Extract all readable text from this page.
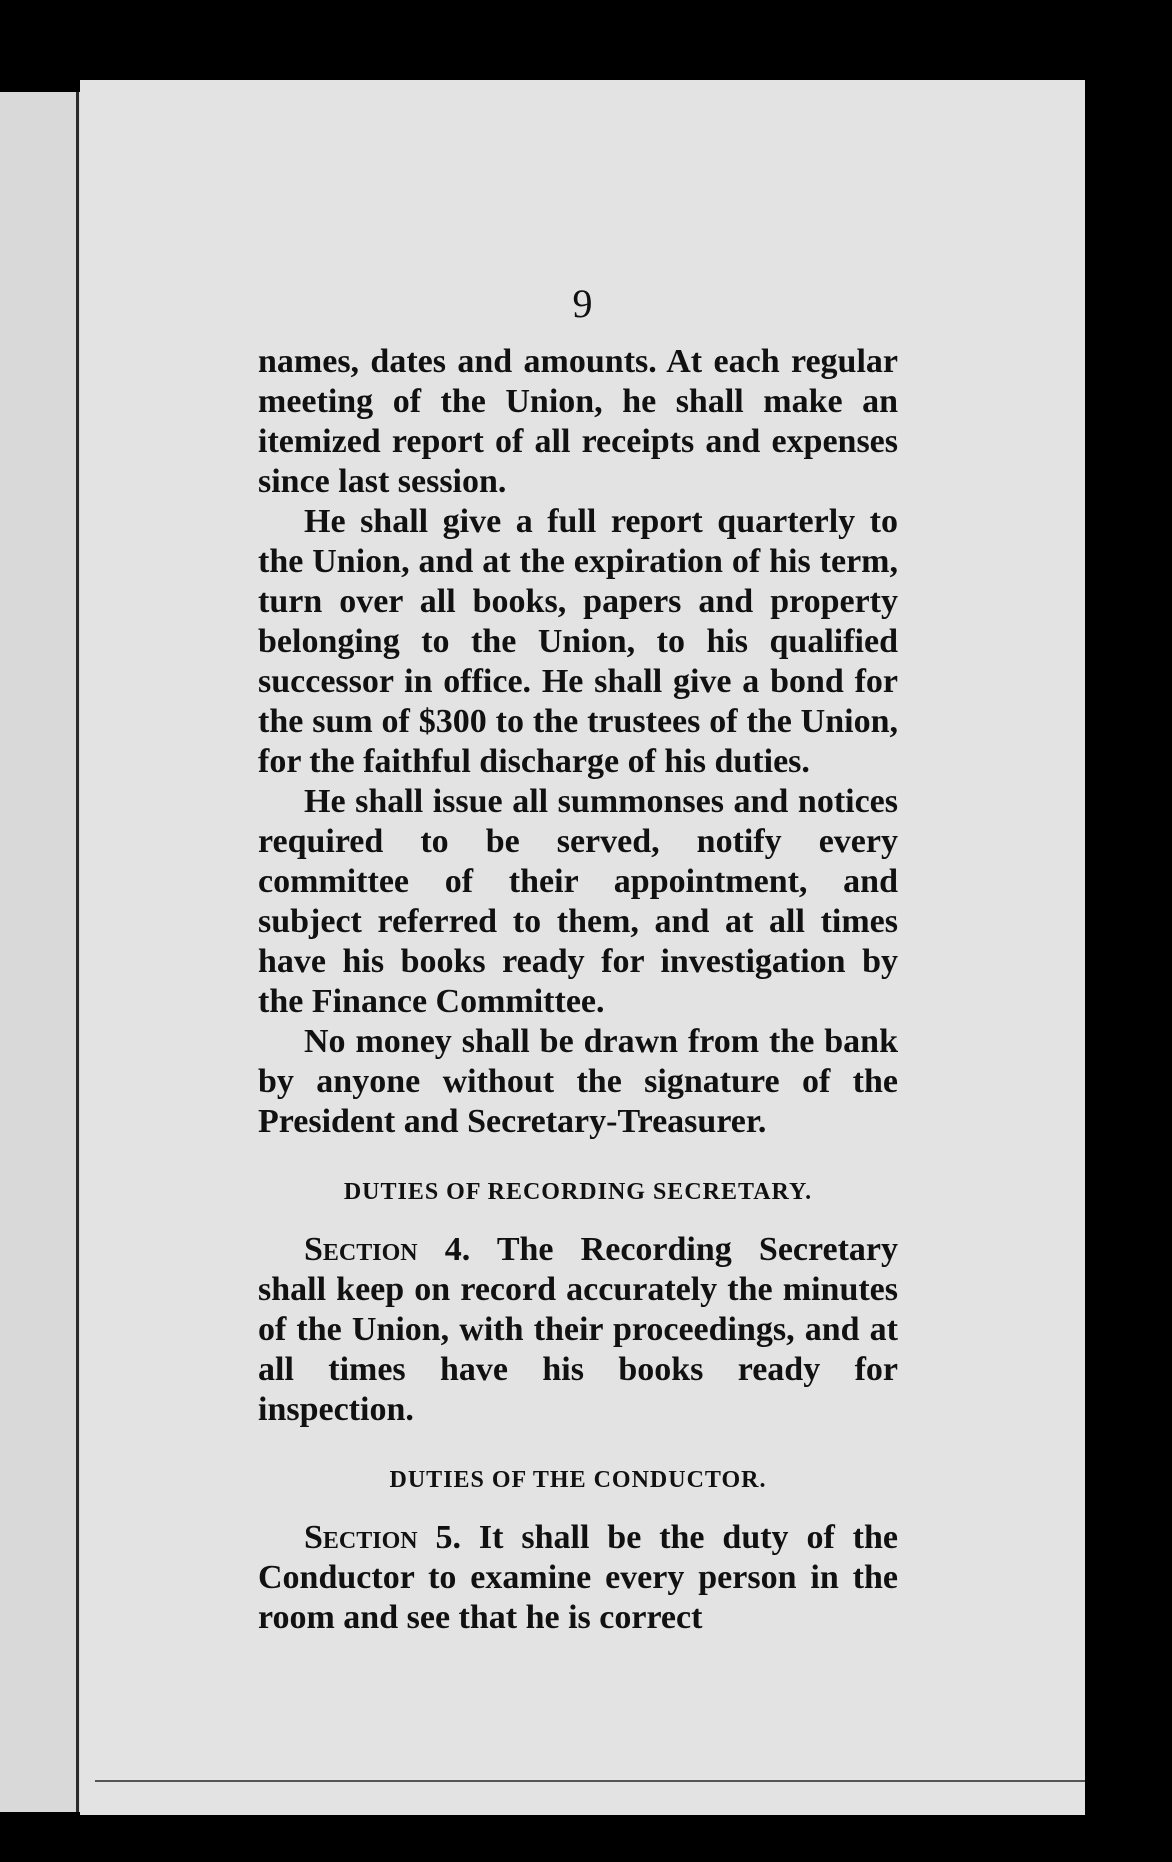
9

names, dates and amounts. At each regular meeting of the Union, he shall make an itemized report of all receipts and expenses since last session.

He shall give a full report quarterly to the Union, and at the expiration of his term, turn over all books, papers and property belonging to the Union, to his qualified successor in office. He shall give a bond for the sum of $300 to the trustees of the Union, for the faithful discharge of his duties.

He shall issue all summonses and notices required to be served, notify every committee of their appointment, and subject referred to them, and at all times have his books ready for investigation by the Finance Committee.

No money shall be drawn from the bank by anyone without the signature of the President and Secretary-Treasurer.

DUTIES OF RECORDING SECRETARY.

Section 4. The Recording Secretary shall keep on record accurately the minutes of the Union, with their proceedings, and at all times have his books ready for inspection.

DUTIES OF THE CONDUCTOR.

Section 5. It shall be the duty of the Conductor to examine every person in the room and see that he is correct
